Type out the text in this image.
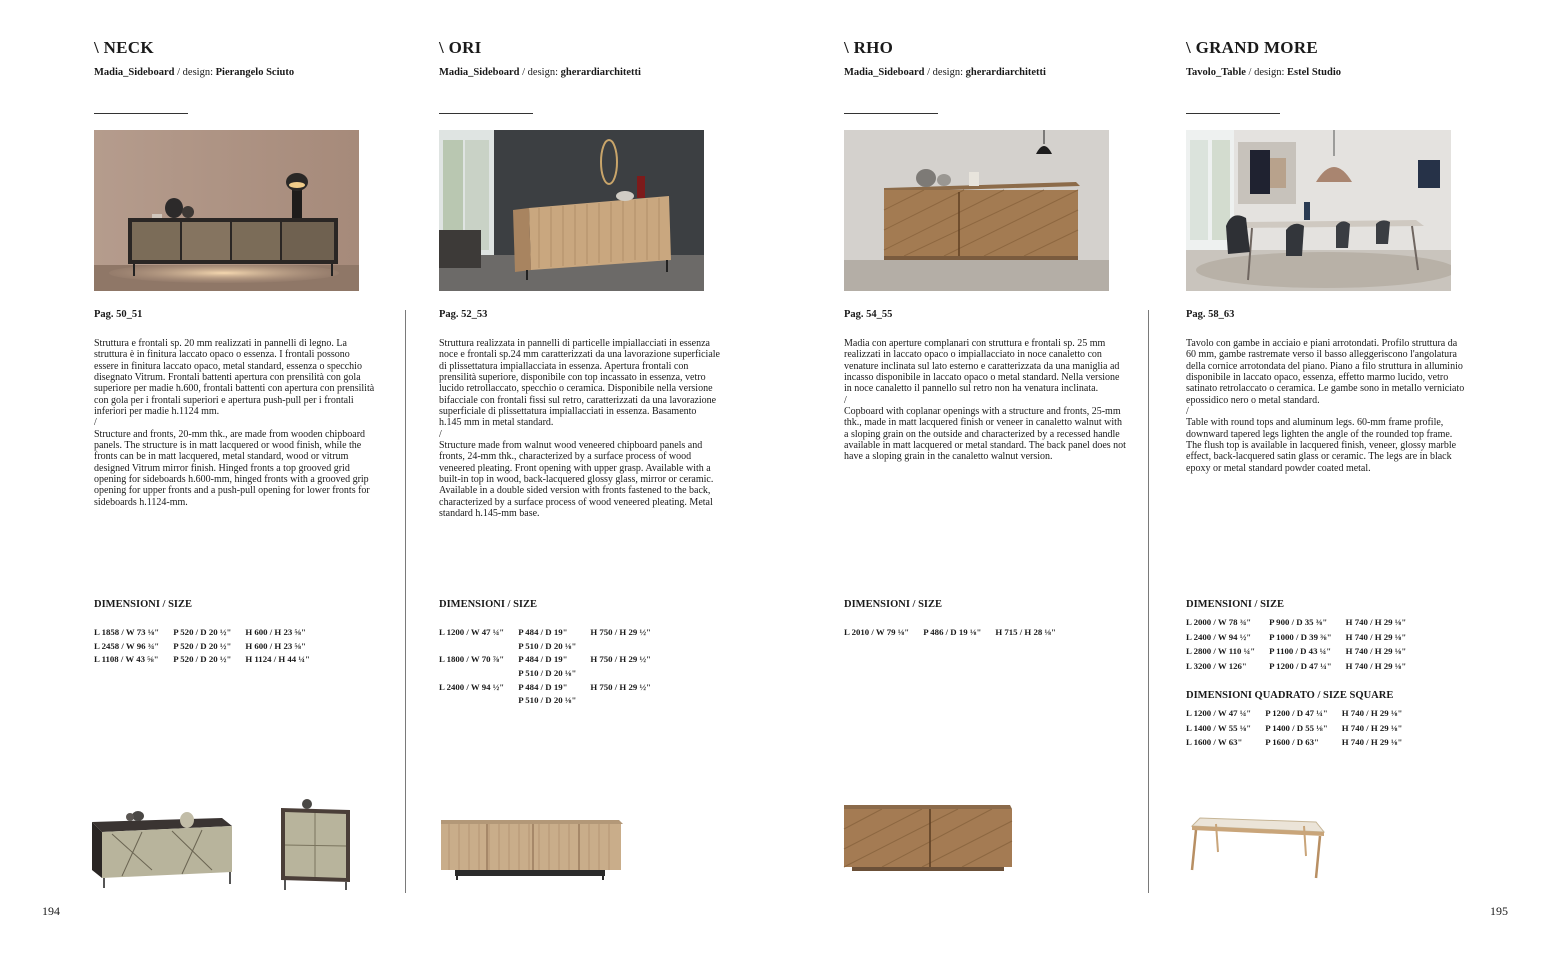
\ NECK
Madia_Sideboard / design: Pierangelo Sciuto
Pag. 50_51

Struttura e frontali sp. 20 mm realizzati in pannelli di legno. La struttura è in finitura laccato opaco o essenza. I frontali possono essere in finitura laccato opaco, metal standard, essenza o specchio disegnato Vitrum. Frontali battenti apertura con prensilità con gola superiore per madie h.600, frontali battenti con apertura con prensilità con gola per i frontali superiori e apertura push-pull per i frontali inferiori per madie h.1124 mm.

/

Structure and fronts, 20-mm thk., are made from wooden chipboard panels. The structure is in matt lacquered or wood finish, while the fronts can be in matt lacquered, metal standard, wood or vitrum designed Vitrum mirror finish. Hinged fronts a top grooved grid opening for sideboards h.600-mm, hinged fronts with a grooved grip opening for upper fronts and a push-pull opening for lower fronts for sideboards h.1124-mm.

DIMENSIONI / SIZE
L 1858 / W 73 ⅛"	P 520 / D 20 ½"	H 600 / H 23 ⅝"
L 2458 / W 96 ¾"	P 520 / D 20 ½"	H 600 / H 23 ⅝"
L 1108 / W 43 ⅝"	P 520 / D 20 ½"	H 1124 / H 44 ¼"
\ ORI
Madia_Sideboard / design: gherardiarchitetti
Pag. 52_53

Struttura realizzata in pannelli di particelle impiallacciati in essenza noce e frontali sp.24 mm caratterizzati da una lavorazione superficiale di plissettatura impiallacciata in essenza. Apertura frontali con prensilità superiore, disponibile con top incassato in essenza, vetro lucido retrollaccato, specchio o ceramica. Disponibile nella versione bifacciale con frontali fissi sul retro, caratterizzati da una lavorazione superficiale di plissettatura impiallacciati in essenza. Basamento h.145 mm in metal standard.

/

Structure made from walnut wood veneered chipboard panels and fronts, 24-mm thk., characterized by a surface process of wood veneered pleating. Front opening with upper grasp. Available with a built-in top in wood, back-lacquered glossy glass, mirror or ceramic. Available in a double sided version with fronts fastened to the back, characterized by a surface process of wood veneered pleating. Metal standard h.145-mm base.

DIMENSIONI / SIZE
L 1200 / W 47 ¼"	P 484 / D 19"	H 750 / H 29 ½"
	P 510 / D 20 ⅛"	
L 1800 / W 70 ⅞"	P 484 / D 19"	H 750 / H 29 ½"
	P 510 / D 20 ⅛"	
L 2400 / W 94 ½"	P 484 / D 19"	H 750 / H 29 ½"
	P 510 / D 20 ⅛"	
\ RHO
Madia_Sideboard / design: gherardiarchitetti
Pag. 54_55

Madia con aperture complanari con struttura e frontali sp. 25 mm realizzati in laccato opaco o impiallacciato in noce canaletto con venature inclinata sul lato esterno e caratterizzata da una maniglia ad incasso disponibile in laccato opaco o metal standard. Nella versione in noce canaletto il pannello sul retro non ha venatura inclinata.

/

Copboard with coplanar openings with a structure and fronts, 25-mm thk., made in matt lacquered finish or veneer in canaletto walnut with a sloping grain on the outside and characterized by a recessed handle available in matt lacquered or metal standard. The back panel does not have a sloping grain in the canaletto walnut version.

DIMENSIONI / SIZE
L 2010 / W 79 ⅛"	P 486 / D 19 ⅛"	H 715 / H 28 ⅛"
\ GRAND MORE
Tavolo_Table / design: Estel Studio
Pag. 58_63

Tavolo con gambe in acciaio e piani arrotondati. Profilo struttura da 60 mm, gambe rastremate verso il basso alleggeriscono l'angolatura della cornice arrotondata del piano. Piano a filo struttura in alluminio disponibile in laccato opaco, essenza, effetto marmo lucido, vetro satinato retrolaccato o ceramica. Le gambe sono in metallo verniciato epossidico nero o metal standard.

/

Table with round tops and aluminum legs. 60-mm frame profile, downward tapered legs lighten the angle of the rounded top frame. The flush top is available in lacquered finish, veneer, glossy marble effect, back-lacquered satin glass or ceramic. The legs are in black epoxy or metal standard powder coated metal.

DIMENSIONI / SIZE
L 2000 / W 78 ¾"	P 900 / D 35 ⅜"	H 740 / H 29 ⅛"
L 2400 / W 94 ½"	P 1000 / D 39 ⅜"	H 740 / H 29 ⅛"
L 2800 / W 110 ¼"	P 1100 / D 43 ¼"	H 740 / H 29 ⅛"
L 3200 / W 126"	P 1200 / D 47 ¼"	H 740 / H 29 ⅛"
DIMENSIONI QUADRATO / SIZE SQUARE
L 1200 / W 47 ¼"	P 1200 / D 47 ¼"	H 740 / H 29 ⅛"
L 1400 / W 55 ⅛"	P 1400 / D 55 ⅛"	H 740 / H 29 ⅛"
L 1600 / W 63"	P 1600 / D 63"	H 740 / H 29 ⅛"
194	195
